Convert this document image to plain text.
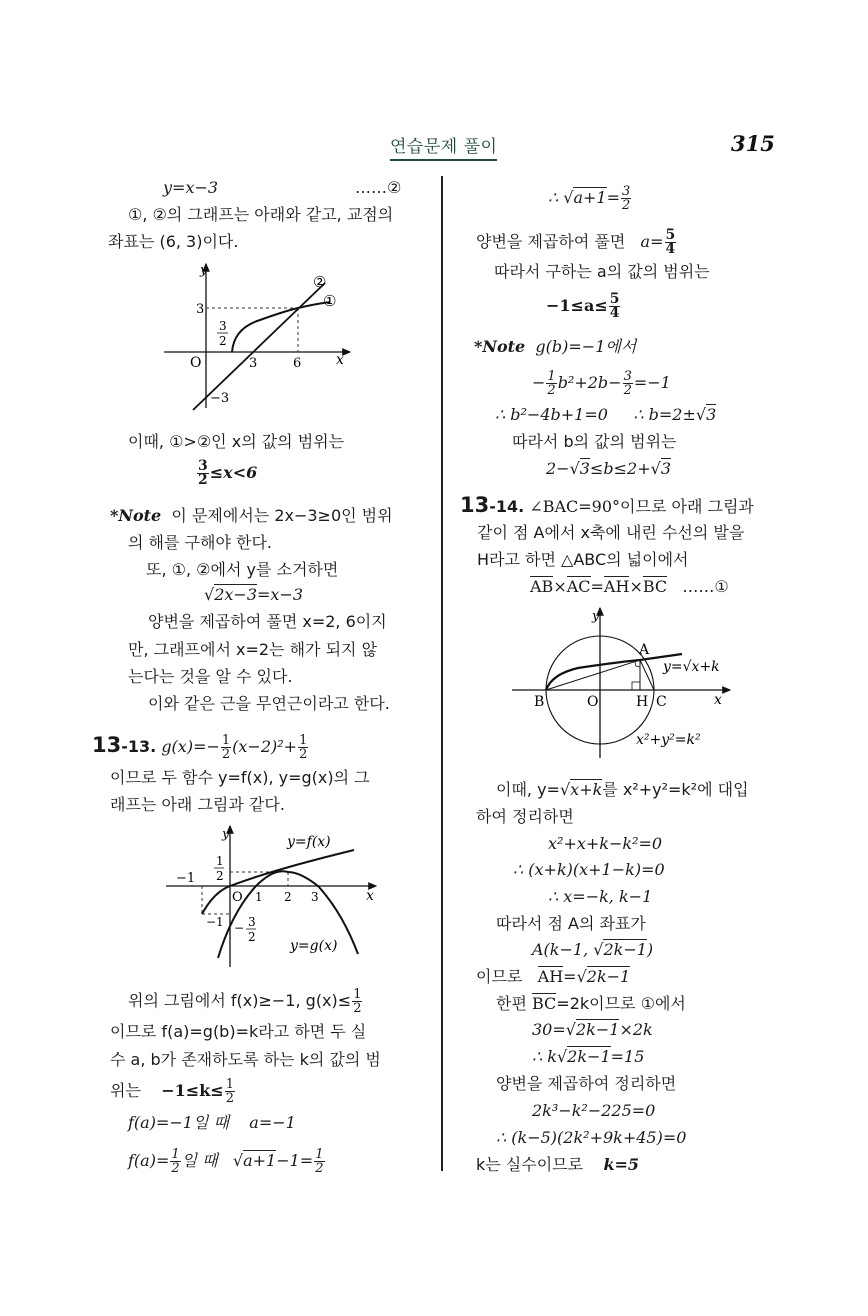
연습문제 풀이	315
y=x−3	……②
①, ②의 그래프는 아래와 같고, 교점의
좌표는 (6, 3)이다.
y
x
O
3
3	6
−3
3
2
②
①
이때, ①>②인 x의 값의 범위는
$\frac{3}{2} \le x<6$
*Note 이 문제에서는 2x−3≥0인 범위
의 해를 구해야 한다.
또, ①, ②에서 y를 소거하면
√2x−3=x−3
양변을 제곱하여 풀면 x=2, 6이지
만, 그래프에서 x=2는 해가 되지 않
는다는 것을 알 수 있다.
이와 같은 근을 무연근이라고 한다.
13-13. $g(x)=- \frac{1}{2} (x-2)^2+ \frac{1}{2}$
이므로 두 함수 y=f(x), y=g(x)의 그
래프는 아래 그림과 같다.
y
x
O
y=f(x)
y=g(x)
−1
1 2 3
1
2
−1 − 3
2
위의 그림에서 f(x)≥−1, $g(x)\le \frac{1}{2}$
이므로 f(a)=g(b)=k라고 하면 두 실
수 a, b가 존재하도록 하는 k의 값의 범
위는 $-1\le k\le \frac{1}{2}$
f(a)=−1일 때 a=−1
$f(a)= \frac{1}{2}$ 일 때   $√a+1-1= \frac{1}{2}$
∴ $√a+1= \frac{3}{2}$
양변을 제곱하여 풀면 $a= \frac{5}{4}$
따라서 구하는 a의 값의 범위는
$-1\le a\le \frac{5}{4}$
*Note g(b)=−1에서
− $\frac{1}{2} b^2+2b- \frac{3}{2} =-1$
∴ b²−4b+1=0 ∴ b=2±√3
따라서 b의 값의 범위는
2−√3≤b≤2+√3
13-14. ∠BAC=90°이므로 아래 그림과
같이 점 A에서 x축에 내린 수선의 발을
H라고 하면 △ABC의 넓이에서
AB×AC=AH×BC ……①
y
x
A
B	O	H C
y=√x+k
x²+y²=k²
이때, y=√x+k를 x²+y²=k²에 대입
하여 정리하면
x²+x+k−k²=0
∴ (x+k)(x+1−k)=0
∴ x=−k, k−1
따라서 점 A의 좌표가
A(k−1, √2k−1)
이므로 AH=√2k−1
한편 BC=2k이므로 ①에서
30=√2k−1×2k
∴ k√2k−1=15
양변을 제곱하여 정리하면
2k³−k²−225=0
∴ (k−5)(2k²+9k+45)=0
k는 실수이므로 k=5
